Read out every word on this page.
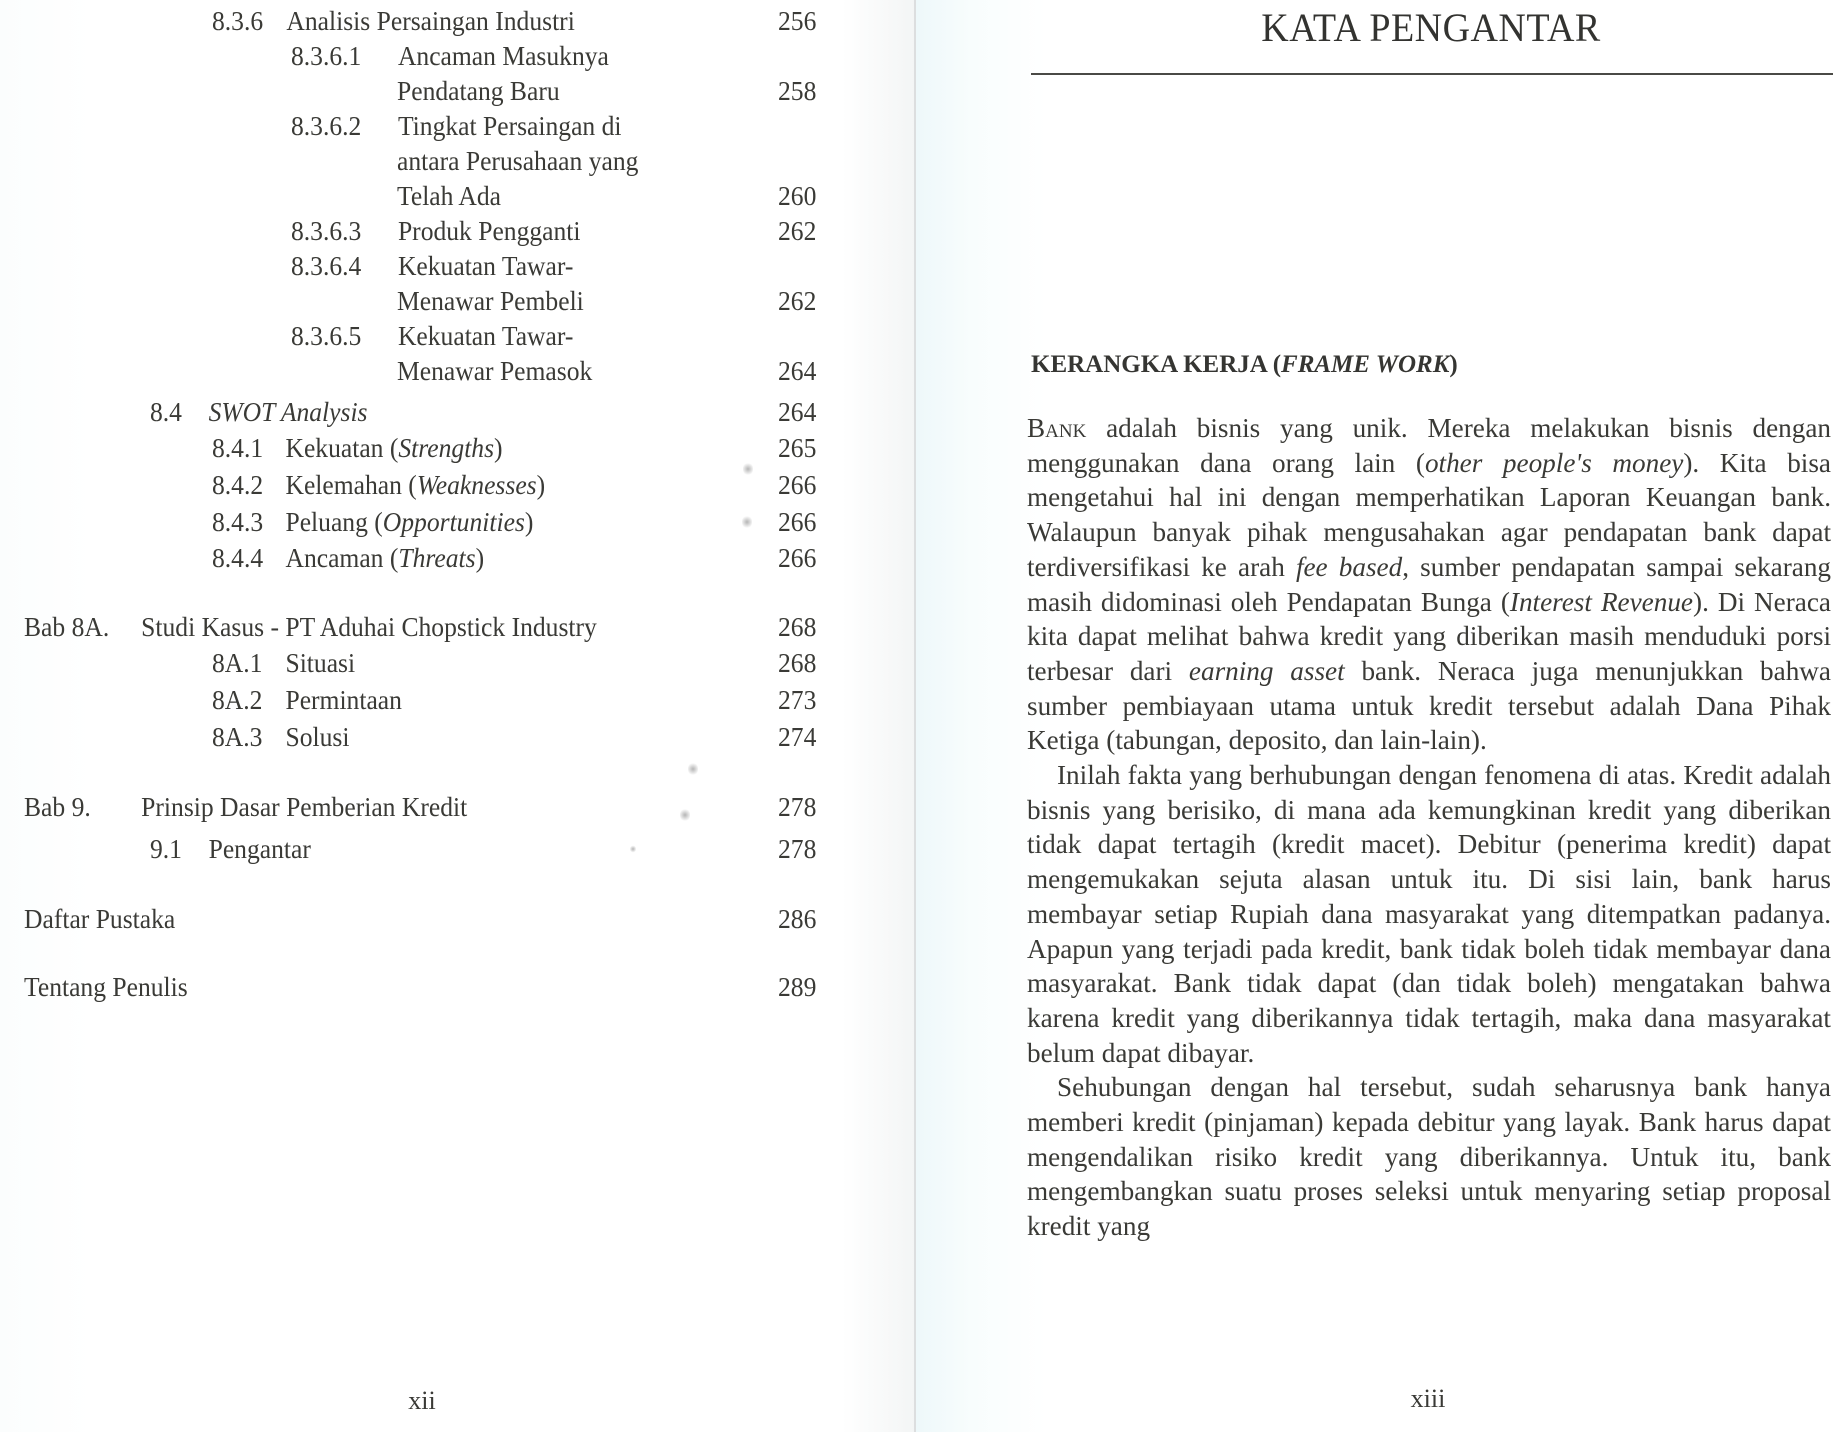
8.3.6 Analisis Persaingan Industri	256
8.3.6.1 Ancaman Masuknya
Pendatang Baru	258
8.3.6.2 Tingkat Persaingan di
antara Perusahaan yang
Telah Ada	260
8.3.6.3 Produk Pengganti	262
8.3.6.4 Kekuatan Tawar-
Menawar Pembeli	262
8.3.6.5 Kekuatan Tawar-
Menawar Pemasok	264
8.4 SWOT Analysis	264
8.4.1 Kekuatan (Strengths)	265
8.4.2 Kelemahan (Weaknesses)	266
8.4.3 Peluang (Opportunities)	266
8.4.4 Ancaman (Threats)	266
Bab 8A. Studi Kasus - PT Aduhai Chopstick Industry	268
8A.1 Situasi	268
8A.2 Permintaan	273
8A.3 Solusi	274
Bab 9. Prinsip Dasar Pemberian Kredit	278
9.1 Pengantar	278
Daftar Pustaka	286
Tentang Penulis	289
xii
KATA PENGANTAR
KERANGKA KERJA (FRAME WORK)

Bank adalah bisnis yang unik. Mereka melakukan bisnis dengan menggunakan dana orang lain (other people's money). Kita bisa mengetahui hal ini dengan memperhatikan Laporan Keuangan bank. Walaupun banyak pihak mengusahakan agar pendapatan bank dapat terdiversifikasi ke arah fee based, sumber pendapatan sampai sekarang masih didominasi oleh Pendapatan Bunga (Interest Revenue). Di Neraca kita dapat melihat bahwa kredit yang diberikan masih menduduki porsi terbesar dari earning asset bank. Neraca juga menunjukkan bahwa sumber pembiayaan utama untuk kredit tersebut adalah Dana Pihak Ketiga (tabungan, deposito, dan lain-lain).

Inilah fakta yang berhubungan dengan fenomena di atas. Kredit adalah bisnis yang berisiko, di mana ada kemungkinan kredit yang diberikan tidak dapat tertagih (kredit macet). Debitur (penerima kredit) dapat mengemukakan sejuta alasan untuk itu. Di sisi lain, bank harus membayar setiap Rupiah dana masyarakat yang ditempatkan padanya. Apapun yang terjadi pada kredit, bank tidak boleh tidak membayar dana masyarakat. Bank tidak dapat (dan tidak boleh) mengatakan bahwa karena kredit yang diberikannya tidak tertagih, maka dana masyarakat belum dapat dibayar.

Sehubungan dengan hal tersebut, sudah seharusnya bank hanya memberi kredit (pinjaman) kepada debitur yang layak. Bank harus dapat mengendalikan risiko kredit yang diberikannya. Untuk itu, bank mengembangkan suatu proses seleksi untuk menyaring setiap proposal kredit yang

xiii
